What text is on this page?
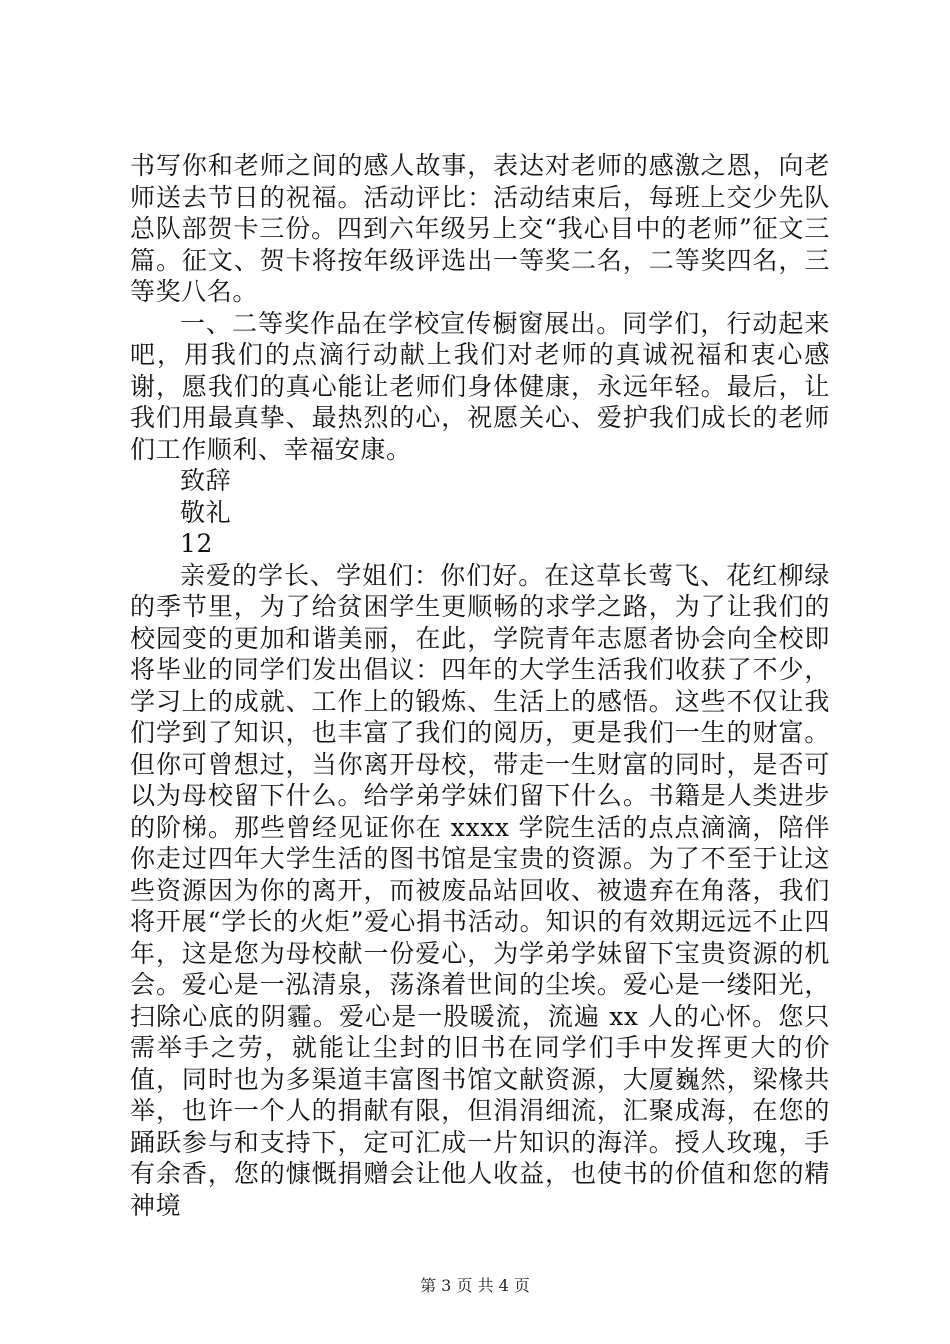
书写你和老师之间的感人故事，表达对老师的感激之恩，向老师送去节日的祝福。活动评比：活动结束后，每班上交少先队总队部贺卡三份。四到六年级另上交“我心目中的老师”征文三篇。征文、贺卡将按年级评选出一等奖二名，二等奖四名，三等奖八名。

一、二等奖作品在学校宣传橱窗展出。同学们，行动起来吧，用我们的点滴行动献上我们对老师的真诚祝福和衷心感谢，愿我们的真心能让老师们身体健康，永远年轻。最后，让我们用最真挚、最热烈的心，祝愿关心、爱护我们成长的老师们工作顺利、幸福安康。

致辞

敬礼

12

亲爱的学长、学姐们：你们好。在这草长莺飞、花红柳绿的季节里，为了给贫困学生更顺畅的求学之路，为了让我们的校园变的更加和谐美丽，在此，学院青年志愿者协会向全校即将毕业的同学们发出倡议：四年的大学生活我们收获了不少，学习上的成就、工作上的锻炼、生活上的感悟。这些不仅让我们学到了知识，也丰富了我们的阅历，更是我们一生的财富。但你可曾想过，当你离开母校，带走一生财富的同时，是否可以为母校留下什么。给学弟学妹们留下什么。书籍是人类进步的阶梯。那些曾经见证你在 xxxx 学院生活的点点滴滴，陪伴你走过四年大学生活的图书馆是宝贵的资源。为了不至于让这些资源因为你的离开，而被废品站回收、被遗弃在角落，我们将开展“学长的火炬”爱心捐书活动。知识的有效期远远不止四年，这是您为母校献一份爱心，为学弟学妹留下宝贵资源的机会。爱心是一泓清泉，荡涤着世间的尘埃。爱心是一缕阳光，扫除心底的阴霾。爱心是一股暖流，流遍 xx 人的心怀。您只需举手之劳，就能让尘封的旧书在同学们手中发挥更大的价值，同时也为多渠道丰富图书馆文献资源，大厦巍然，梁椽共举，也许一个人的捐献有限，但涓涓细流，汇聚成海，在您的踊跃参与和支持下，定可汇成一片知识的海洋。授人玫瑰，手有余香，您的慷慨捐赠会让他人收益，也使书的价值和您的精神境

第 3 页 共 4 页
